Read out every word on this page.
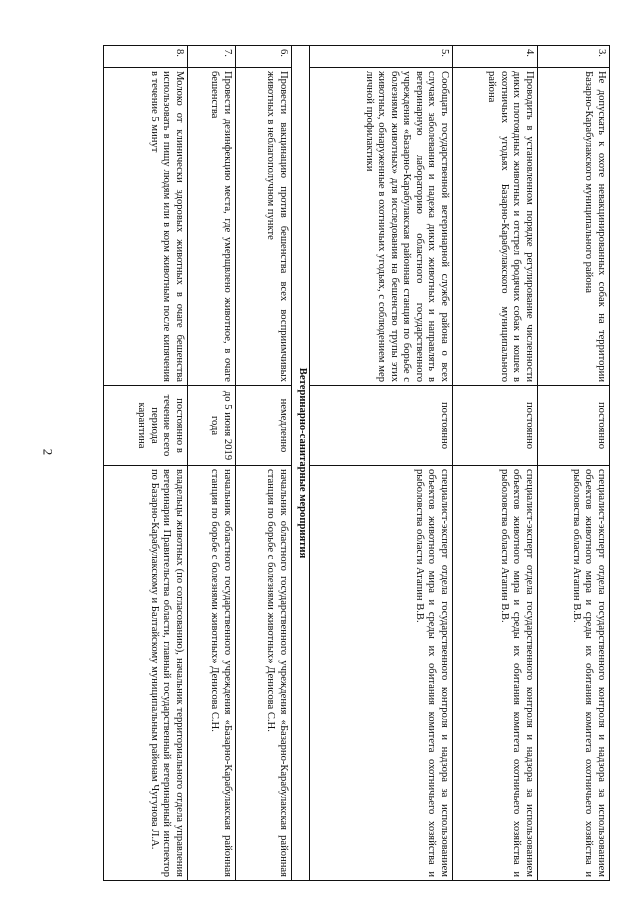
2
3.	Не допускать к охоте невакцинированных собак на территории Базарно-Карабулакского муниципального района	постоянно	специалист-эксперт отдела государственного контроля и надзора за использованием объектов животного мира и среды их обитания комитета охотничьего хозяйства и рыболовства области Атапин В.В.
4.	Проводить в установленном порядке регулирование численности диких плотоядных животных и отстрел бродячих собак и кошек в охотничьих угодьях Базарно-Карабулакского муниципального района	постоянно	специалист-эксперт отдела государственного контроля и надзора за использованием объектов животного мира и среды их обитания комитета охотничьего хозяйства и рыболовства области Атапин В.В.
5.	Сообщать государственной ветеринарной службе района о всех случаях заболевания и падежа диких животных и направлять в ветеринарную лабораторию областного государственного учреждения «Базарно-Карабулакская районная станция по борьбе с болезнями животных» для исследования на бешенство трупы этих животных, обнаруженные в охотничьих угодьях, с соблюдением мер личной профилактики	постоянно	специалист-эксперт отдела государственного контроля и надзора за использованием объектов животного мира и среды их обитания комитета охотничьего хозяйства и рыболовства области Атапин В.В.
Ветеринарно-санитарные мероприятия			
6.	Провести вакцинацию против бешенства всех восприимчивых животных в неблагополучном пункте	немедленно	начальник областного государственного учреждения «Базарно-Карабулакская районная станция по борьбе с болезнями животных» Денисова С.Н.
7.	Провести дезинфекцию места, где умерщвлено животное, в очаге бешенства	до 5 июня 2019 года	начальник областного государственного учреждения «Базарно-Карабулакская районная станция по борьбе с болезнями животных» Денисова С.Н.
8.	Молоко от клинически здоровых животных в очаге бешенства использовать в пищу людям или в корм животным после кипячения в течение 5 минут	постоянно в течение всего периода карантина	владельцы животных (по согласованию), начальник территориального отдела управления ветеринарии Правительства области, главный государственный ветеринарный инспектор по Базарно-Карабулакскому и Балтайскому муниципальным районам Чугунова Л.А.
